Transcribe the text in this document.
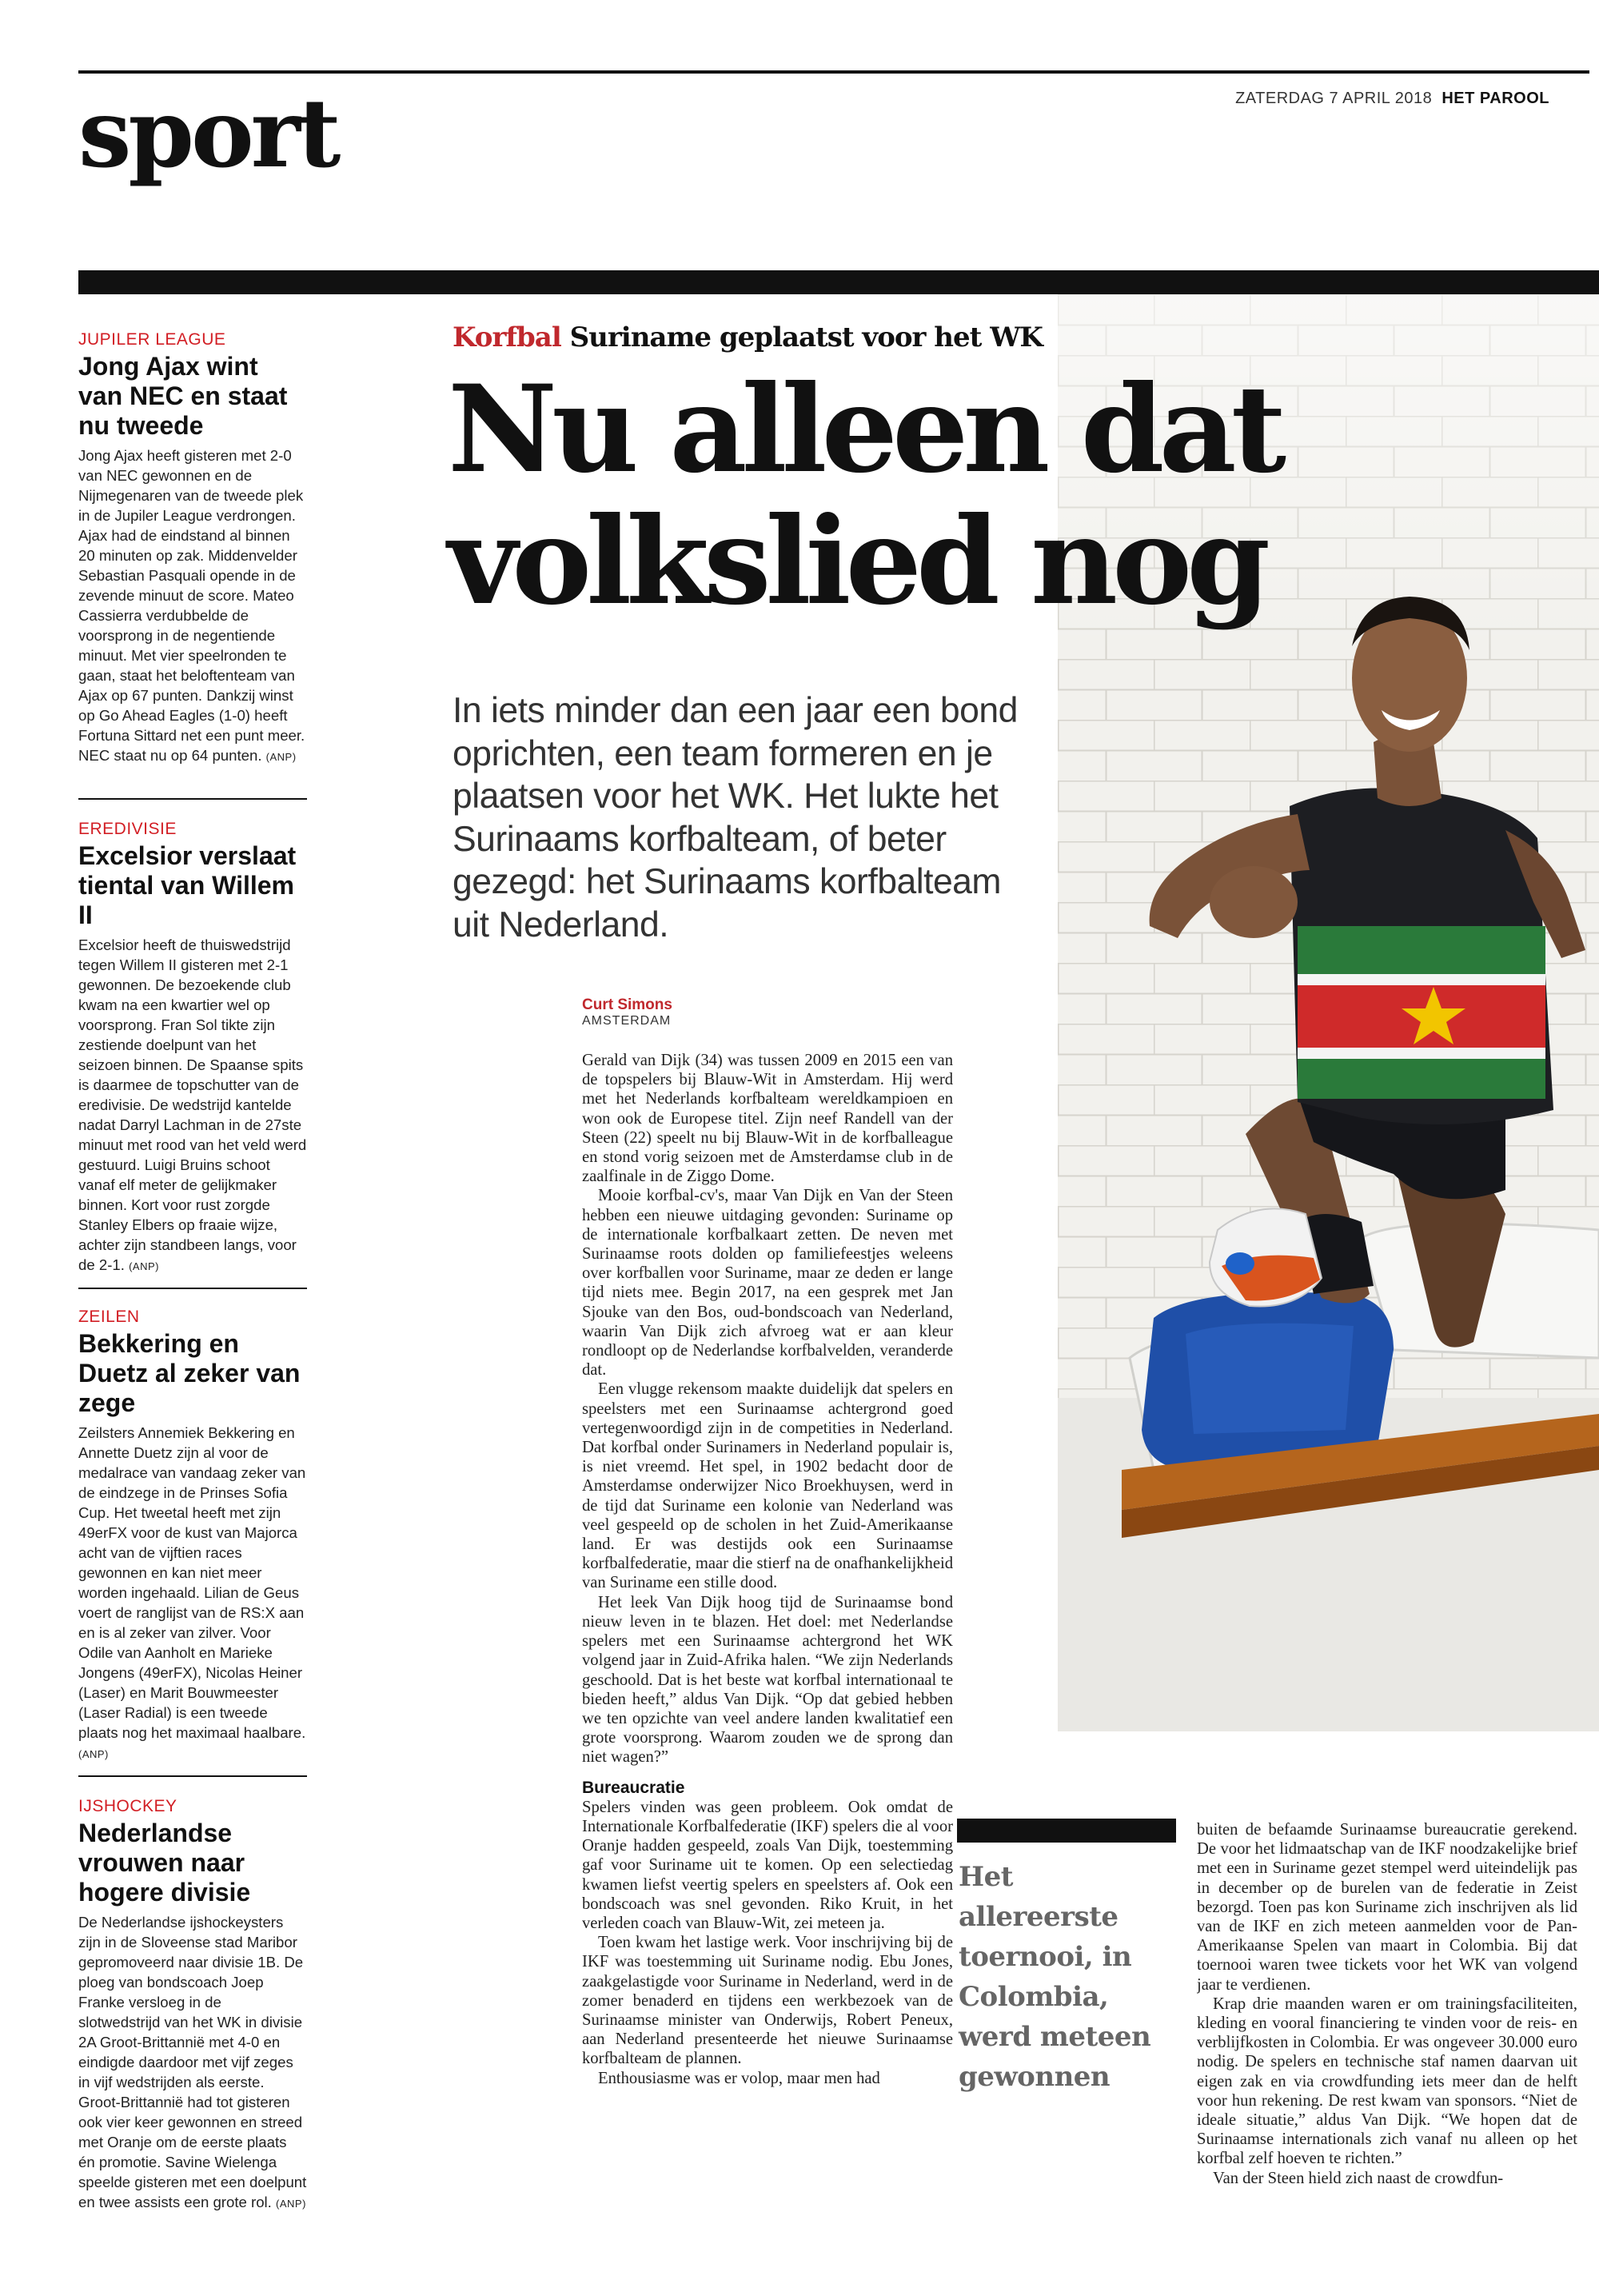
sport	ZATERDAG 7 APRIL 2018 HET PAROOL
JUPILER LEAGUE
Jong Ajax wint van NEC en staat nu tweede
Jong Ajax heeft gisteren met 2-0 van NEC gewonnen en de Nijmegenaren van de tweede plek in de Jupiler League verdrongen. Ajax had de eindstand al binnen 20 minuten op zak. Middenvelder Sebastian Pasquali opende in de zevende minuut de score. Mateo Cassierra verdubbelde de voorsprong in de negentiende minuut. Met vier speelronden te gaan, staat het beloftenteam van Ajax op 67 punten. Dankzij winst op Go Ahead Eagles (1-0) heeft Fortuna Sittard net een punt meer. NEC staat nu op 64 punten. (ANP)
EREDIVISIE
Excelsior verslaat tiental van Willem II
Excelsior heeft de thuiswedstrijd tegen Willem II gisteren met 2-1 gewonnen. De bezoekende club kwam na een kwartier wel op voorsprong. Fran Sol tikte zijn zestiende doelpunt van het seizoen binnen. De Spaanse spits is daarmee de topschutter van de eredivisie. De wedstrijd kantelde nadat Darryl Lachman in de 27ste minuut met rood van het veld werd gestuurd. Luigi Bruins schoot vanaf elf meter de gelijkmaker binnen. Kort voor rust zorgde Stanley Elbers op fraaie wijze, achter zijn standbeen langs, voor de 2-1. (ANP)
ZEILEN
Bekkering en Duetz al zeker van zege
Zeilsters Annemiek Bekkering en Annette Duetz zijn al voor de medalrace van vandaag zeker van de eindzege in de Prinses Sofia Cup. Het tweetal heeft met zijn 49erFX voor de kust van Majorca acht van de vijftien races gewonnen en kan niet meer worden ingehaald. Lilian de Geus voert de ranglijst van de RS:X aan en is al zeker van zilver. Voor Odile van Aanholt en Marieke Jongens (49erFX), Nicolas Heiner (Laser) en Marit Bouwmeester (Laser Radial) is een tweede plaats nog het maximaal haalbare. (ANP)
IJSHOCKEY
Nederlandse vrouwen naar hogere divisie
De Nederlandse ijshockeysters zijn in de Sloveense stad Maribor gepromoveerd naar divisie 1B. De ploeg van bondscoach Joep Franke versloeg in de slotwedstrijd van het WK in divisie 2A Groot-Brittannië met 4-0 en eindigde daardoor met vijf zeges in vijf wedstrijden als eerste. Groot-Brittannië had tot gisteren ook vier keer gewonnen en streed met Oranje om de eerste plaats én promotie. Savine Wielenga speelde gisteren met een doelpunt en twee assists een grote rol. (ANP)
Korfbal Suriname geplaatst voor het WK
Nu alleen dat volkslied nog
In iets minder dan een jaar een bond oprichten, een team formeren en je plaatsen voor het WK. Het lukte het Surinaams korfbalteam, of beter gezegd: het Surinaams korfbalteam uit Nederland.
Curt Simons
AMSTERDAM

Gerald van Dijk (34) was tussen 2009 en 2015 een van de topspelers bij Blauw-Wit in Amsterdam. Hij werd met het Nederlands korfbalteam wereldkampioen en won ook de Europese titel. Zijn neef Randell van der Steen (22) speelt nu bij Blauw-Wit in de korfballeague en stond vorig seizoen met de Amsterdamse club in de zaalfinale in de Ziggo Dome.

Mooie korfbal-cv's, maar Van Dijk en Van der Steen hebben een nieuwe uitdaging gevonden: Suriname op de internationale korfbalkaart zetten. De neven met Surinaamse roots dolden op familiefeestjes weleens over korfballen voor Suriname, maar ze deden er lange tijd niets mee. Begin 2017, na een gesprek met Jan Sjouke van den Bos, oud-bondscoach van Nederland, waarin Van Dijk zich afvroeg wat er aan kleur rondloopt op de Nederlandse korfbalvelden, veranderde dat.

Een vlugge rekensom maakte duidelijk dat spelers en speelsters met een Surinaamse achtergrond goed vertegenwoordigd zijn in de competities in Nederland. Dat korfbal onder Surinamers in Nederland populair is, is niet vreemd. Het spel, in 1902 bedacht door de Amsterdamse onderwijzer Nico Broekhuysen, werd in de tijd dat Suriname een kolonie van Nederland was veel gespeeld op de scholen in het Zuid-Amerikaanse land. Er was destijds ook een Surinaamse korfbalfederatie, maar die stierf na de onafhankelijkheid van Suriname een stille dood.

Het leek Van Dijk hoog tijd de Surinaamse bond nieuw leven in te blazen. Het doel: met Nederlandse spelers met een Surinaamse achtergrond het WK volgend jaar in Zuid-Afrika halen. “We zijn Nederlands geschoold. Dat is het beste wat korfbal internationaal te bieden heeft,” aldus Van Dijk. “Op dat gebied hebben we ten opzichte van veel andere landen kwalitatief een grote voorsprong. Waarom zouden we de sprong dan niet wagen?”

Bureaucratie

Spelers vinden was geen probleem. Ook omdat de Internationale Korfbalfederatie (IKF) spelers die al voor Oranje hadden gespeeld, zoals Van Dijk, toestemming gaf voor Suriname uit te komen. Op een selectiedag kwamen liefst veertig spelers en speelsters af. Ook een bondscoach was snel gevonden. Riko Kruit, in het verleden coach van Blauw-Wit, zei meteen ja.

Toen kwam het lastige werk. Voor inschrijving bij de IKF was toestemming uit Suriname nodig. Ebu Jones, zaakgelastigde voor Suriname in Nederland, werd in de zomer benaderd en tijdens een werkbezoek van de Surinaamse minister van Onderwijs, Robert Peneux, aan Nederland presenteerde het nieuwe Surinaamse korfbalteam de plannen.

Enthousiasme was er volop, maar men had

Het allereerste toernooi, in Colombia, werd meteen gewonnen

buiten de befaamde Surinaamse bureaucratie gerekend. De voor het lidmaatschap van de IKF noodzakelijke brief met een in Suriname gezet stempel werd uiteindelijk pas in december op de burelen van de federatie in Zeist bezorgd. Toen pas kon Suriname zich inschrijven als lid van de IKF en zich meteen aanmelden voor de Pan-Amerikaanse Spelen van maart in Colombia. Bij dat toernooi waren twee tickets voor het WK van volgend jaar te verdienen.

Krap drie maanden waren er om trainingsfaciliteiten, kleding en vooral financiering te vinden voor de reis- en verblijfkosten in Colombia. Er was ongeveer 30.000 euro nodig. De spelers en technische staf namen daarvan uit eigen zak en via crowdfunding iets meer dan de helft voor hun rekening. De rest kwam van sponsors. “Niet de ideale situatie,” aldus Van Dijk. “We hopen dat de Surinaamse internationals zich vanaf nu alleen op het korfbal zelf hoeven te richten.”

Van der Steen hield zich naast de crowdfun-
